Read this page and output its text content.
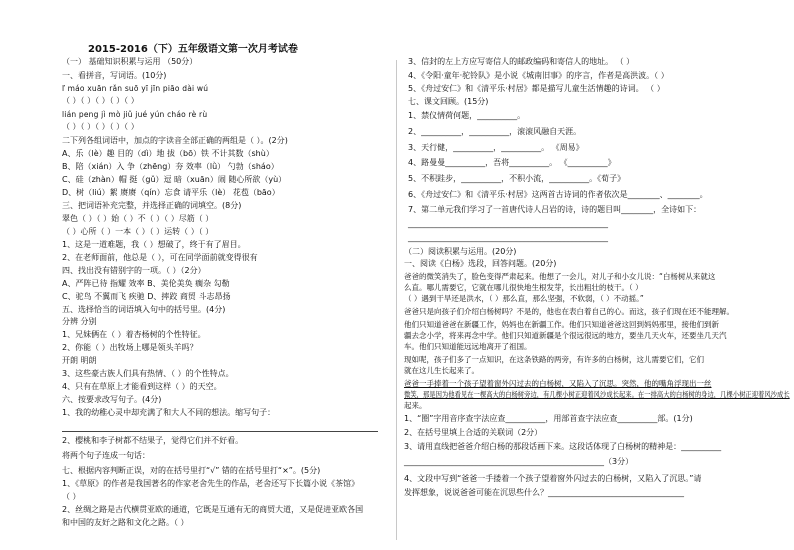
2015-2016（下）五年级语文第一次月考试卷
（一） 基础知识积累与运用 （50分）
一、看拼音，写词语。(10分)
ľ máo xuān rǎn suō yī jīn piāo dài wú
（ ）（ ）（ ）（ ）（ ）
lián peng jì mò jiǔ jué yún cháo rè rù
（ ）（ ）（ ）（ ）（ ）
二下列各组词语中，加点的字读音全部正确的两组是（ ）。(2分)
A、乐（lè）趣 目的（dì）地 拔（bō）铁 不计其数（shù）
B、陪（xián）入 争（zhēng）夯 效率（lǜ） 勺勃（sháo）
C、硅（zhàn）帽 挺（gǔ）逗 暗（xuān）闹 随心所欲（yù）
D、树（liú）絮 赓赓（qín）忘食 请平乐（lè） 花苞（bāo）
三、把词语补充完整，并选择正确的词填空。(8分)
翠色（ ）（ ）始（ ）不（ ）（ ）尽筋（ ）
（ ）心所（ ）一本（ ）（ ）运转（ ）（ ）
1、这是一道难题，我（ ）想破了，终于有了眉目。
2、在老师面前，他总是（ ），可在同学面前就变得很有
四、找出没有错别字的一项。（ ）（2分）
A、严阵已待 指耀 效率 B、美伦美奂 瘸杂 勾勒
C、驼鸟 不翼而飞 疾驰 D、摔跤 商贸 斗志昂扬
五、选择恰当的词语填入句中的括号里。(4分)
分辨 分别
1、兄妹俩在（ ）着杏杨树的个性特征。
2、你能（ ）出牧场上哪是领头羊吗？
开朗 明朗
3、这些豪古族人们具有热情、（ ）的个性特点。
4、只有在草原上才能看到这样（ ）的天空。
六、按要求改写句子。(4分)
1、我的幼稚心灵中却充满了和大人不同的想法。缩写句子：
2、樱桃和李子树都不结果子，觉得它们并不好看。
将两个句子连成一句话：
七、根据内容判断正误，对的在括号里打“√” 错的在括号里打“×”。(5分)
1、《草原》的作者是我国著名的作家老舍先生的作品，老舍还写下长篇小说《茶馆》
（ ）
2、丝绸之路是古代横贯亚欧的通道，它既是互通有无的商贸大道，又是促进亚欧各国
和中国的友好之路和文化之路。（ ）
3、信封的左上方应写寄信人的邮政编码和寄信人的地址。 （ ）
4、《令阳·童年·驼铃队》是小说《城南旧事》的序言，作者是高洪波。（ ）
5、《舟过安仁》和《清平乐·村居》都是描写儿童生活情趣的诗词。 （ ）
七、课文回顾。(15分)
1、禁仪情荷何题，__________。
2、__________，__________，滚滚风融自天涯。
3、天行健，__________，__________。 《周易》
4、路曼曼__________，吾将__________。 《__________》
5、不积跬步，__________，不积小流，__________。《荀子》
6、《舟过安仁》和《清平乐·村居》这两首古诗词的作者依次是________、________。
7、第二单元我们学习了一首唐代诗人吕岩的诗，诗的题目叫________，全诗如下：
__________________________________________________
__________________________________________________
（二）阅读积累与运用。(20分)
一、阅读《白杨》选段，回答问题。(20分)
爸爸的微笑消失了，脸色变得严肃起来。他想了一会儿，对儿子和小女儿说：“白杨树从来就这
么直。哪儿需要它，它就在哪儿很快地生根发芽，长出粗壮的枝干。（ ）
（ ）遇到干旱还是洪水，（ ）那么直，那么坚强，不软弱，（ ）不动摇。”
爸爸只是向孩子们介绍白杨树吗？不是的，他也在表白着自己的心。而这，孩子们现在还不能理解。
他们只知道爸爸在新疆工作，妈妈也在新疆工作。他们只知道爸爸这回到妈妈那里，接他们到新
疆去念小学，将来再念中学。他们只知道新疆是个很远很远的地方，要坐几天火车，还要坐几天汽
车。他们只知道能远远地离开了祖国。
现如呢，孩子们多了一点知识，在这条铁路的两旁，有许多的白杨树，这儿需要它们，它们
就在这儿生长起来了。
爸爸一手捧着一个孩子望着窗外闪过去的白杨树，又陷入了沉思。突然，他的嘴角浮现出一丝
微笑，那是因为他看见在一棵高大的白杨树旁边，有几棵小树正迎着风沙成长起来。在一排高大的白杨树的身边，几棵小树正迎着风沙成长
起来。
1、“圈”字用音序查字法应查__________，用部首查字法应查__________部。(1分)
2、在括号里填上合适的关联词（2分）
3、请用直线把爸爸介绍白杨的那段话画下来。这段话体现了白杨树的精神是：__________
__________________________________________________（3分）
4、文段中写到“爸爸一手搂着一个孩子望着窗外闪过去的白杨树，又陷入了沉思。”请
发挥想象，说说爸爸可能在沉思些什么？__________________________________
